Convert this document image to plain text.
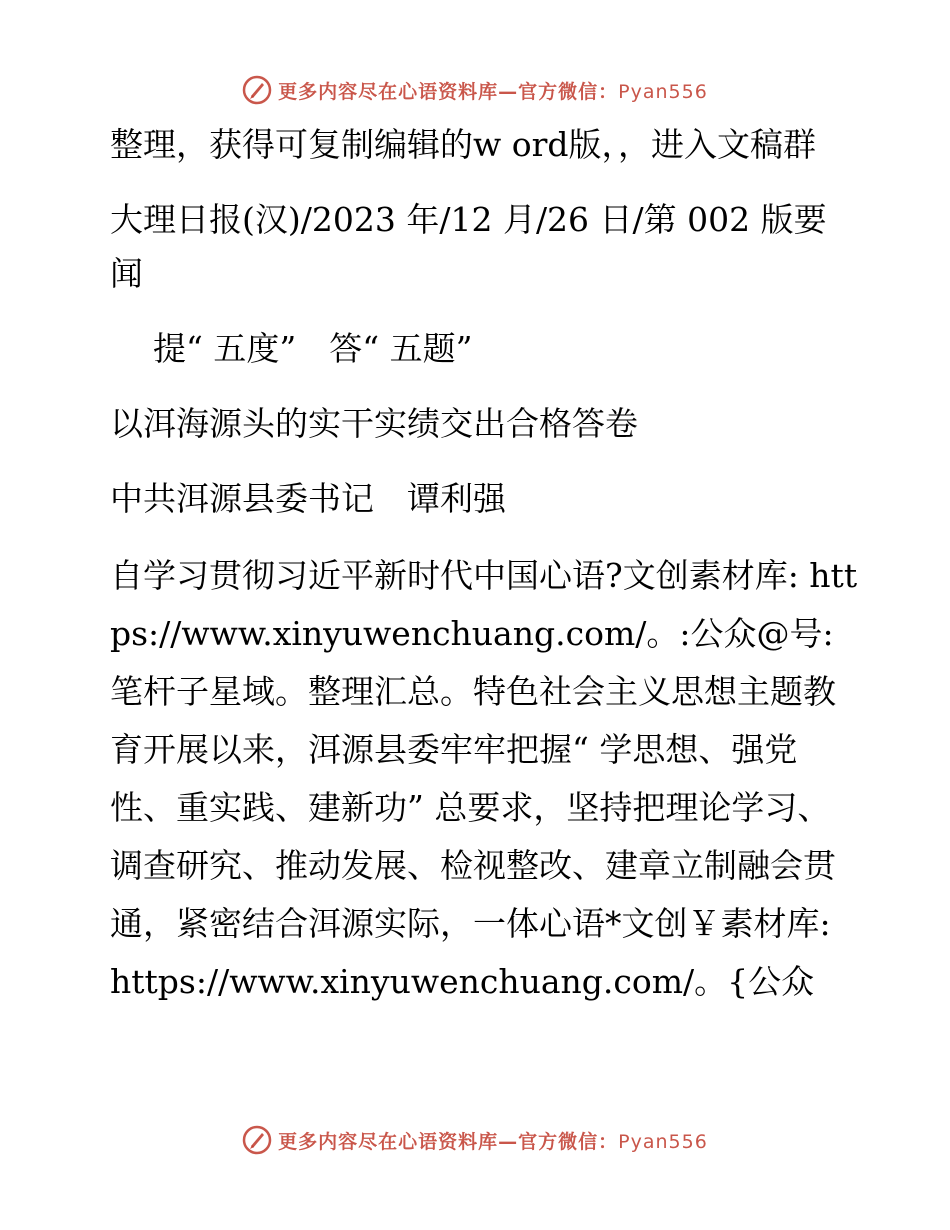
更多内容尽在心语资料库—官方微信：Pyan556

整理，获得可复制编辑的w ord版，，进入文稿群

大理日报(汉)/2023 年/12 月/26 日/第 002 版要闻

提“ 五度”　答“ 五题”

以洱海源头的实干实绩交出合格答卷

中共洱源县委书记　谭利强

自学习贯彻习近平新时代中国心语?文创素材库: https://www.xinyuwenchuang.com/。:公众@号: 笔杆子星域。整理汇总。特色社会主义思想主题教育开展以来，洱源县委牢牢把握“ 学思想、强党性、重实践、建新功” 总要求，坚持把理论学习、调查研究、推动发展、检视整改、建章立制融会贯通，紧密结合洱源实际，一体心语*文创￥素材库: https://www.xinyuwenchuang.com/。{公众

更多内容尽在心语资料库—官方微信：Pyan556
